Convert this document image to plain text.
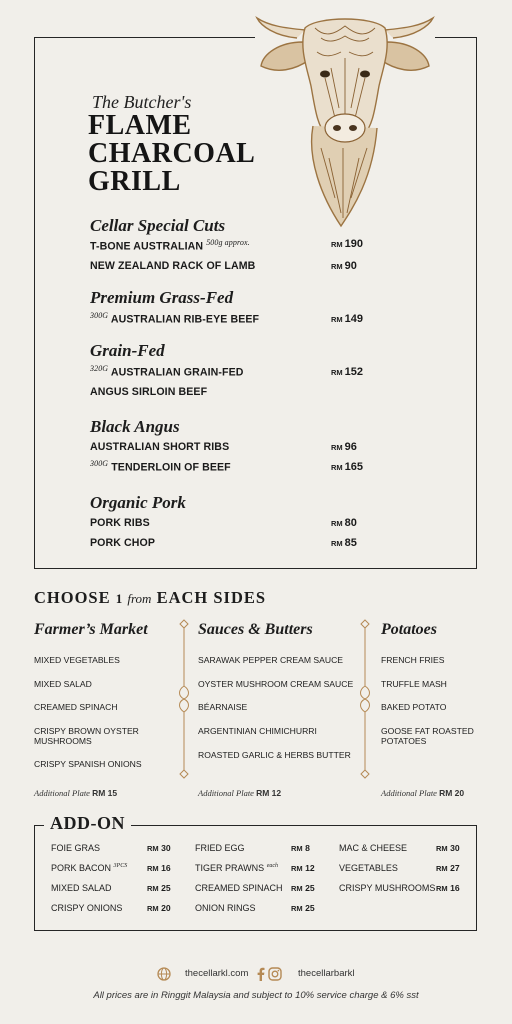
The Butcher's
FLAME
CHARCOAL
GRILL
Cellar Special Cuts
T-BONE AUSTRALIAN $^{500g approx.}$	RM 190
NEW ZEALAND RACK OF LAMB	RM 90
Premium Grass-Fed
$^{300G}$ AUSTRALIAN RIB-EYE BEEF	RM 149
Grain-Fed
$^{320G}$ AUSTRALIAN GRAIN-FED	RM 152
ANGUS SIRLOIN BEEF
Black Angus
AUSTRALIAN SHORT RIBS	RM 96
$^{300G}$ TENDERLOIN OF BEEF	RM 165
Organic Pork
PORK RIBS	RM 80
PORK CHOP	RM 85
CHOOSE 1 from EACH SIDES
Farmer’s Market	Sauces & Butters	Potatoes
MIXED VEGETABLES
MIXED SALAD
CREAMED SPINACH
CRISPY BROWN OYSTER MUSHROOMS
CRISPY SPANISH ONIONS
Additional Plate RM 15
SARAWAK PEPPER CREAM SAUCE
OYSTER MUSHROOM CREAM SAUCE
BÉARNAISE
ARGENTINIAN CHIMICHURRI
ROASTED GARLIC & HERBS BUTTER
Additional Plate RM 12
FRENCH FRIES
TRUFFLE MASH
BAKED POTATO
GOOSE FAT ROASTED POTATOES
Additional Plate RM 20
ADD-ON
FOIE GRAS	RM 30
PORK BACON $^{3PCS}$	RM 16
MIXED SALAD	RM 25
CRISPY ONIONS	RM 20
FRIED EGG	RM 8
TIGER PRAWNS $^{each}$ RM 12
CREAMED SPINACH RM 25
ONION RINGS	RM 25
MAC & CHEESE	RM 30
VEGETABLES	RM 27
CRISPY MUSHROOMS RM 16
thecellarkl.com	thecellarbarkl
All prices are in Ringgit Malaysia and subject to 10% service charge & 6% sst
